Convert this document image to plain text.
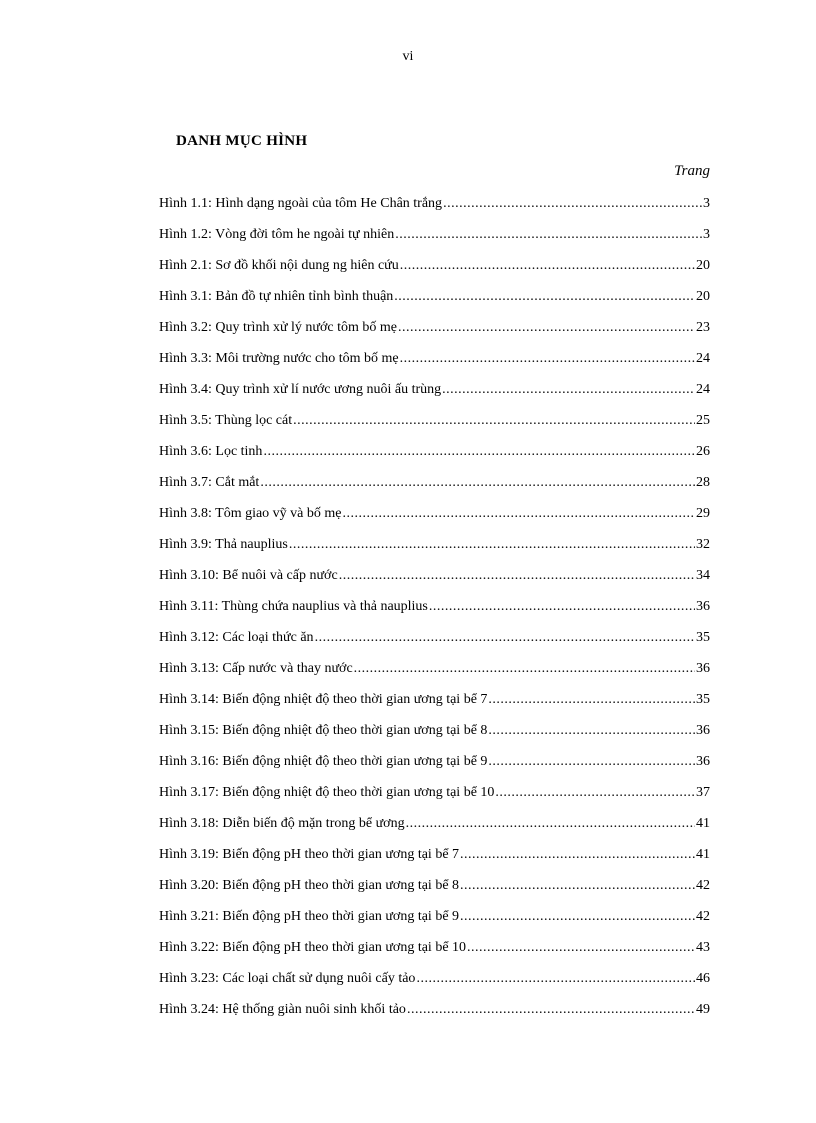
vi
DANH MỤC HÌNH
Trang
Hình 1.1: Hình dạng ngoài của tôm He Chân trắng .....	3
Hình 1.2: Vòng đời tôm he ngoài tự nhiên .....	3
Hình 2.1: Sơ đồ khối nội dung ng hiên cứu .....	20
Hình 3.1: Bản đồ tự nhiên tỉnh bình thuận .....	20
Hình 3.2: Quy trình xử lý nước tôm bố mẹ .....	23
Hình 3.3: Môi trường nước cho tôm bố mẹ .....	24
Hình 3.4: Quy trình xử lí nước ương nuôi ấu trùng .....	24
Hình 3.5: Thùng lọc cát .....	25
Hình 3.6: Lọc tinh .....	26
Hình 3.7: Cắt mắt .....	28
Hình 3.8: Tôm giao vỹ và bố mẹ .....	29
Hình 3.9: Thả nauplius .....	32
Hình 3.10: Bể nuôi và cấp nước .....	34
Hình 3.11: Thùng chứa nauplius và thả nauplius .....	36
Hình 3.12: Các loại thức ăn .....	35
Hình 3.13: Cấp nước và thay nước .....	36
Hình 3.14: Biến động nhiệt độ theo thời gian ương tại bể 7 .....	35
Hình 3.15: Biến động nhiệt độ theo thời gian ương tại bể 8 .....	36
Hình 3.16: Biến động nhiệt độ theo thời gian ương tại bể 9 .....	36
Hình 3.17: Biến động nhiệt độ theo thời gian ương tại bể 10 .....	37
Hình 3.18: Diễn biến độ mặn trong bể ương .....	41
Hình 3.19: Biến động pH theo thời gian ương tại bể 7 .....	41
Hình 3.20: Biến động pH theo thời gian ương tại bể 8 .....	42
Hình 3.21: Biến động pH theo thời gian ương tại bể 9 .....	42
Hình 3.22: Biến động pH theo thời gian ương tại bể 10 .....	43
Hình 3.23: Các loại chất sử dụng nuôi cấy tảo .....	46
Hình 3.24: Hệ thống giàn nuôi sinh khối tảo .....	49
